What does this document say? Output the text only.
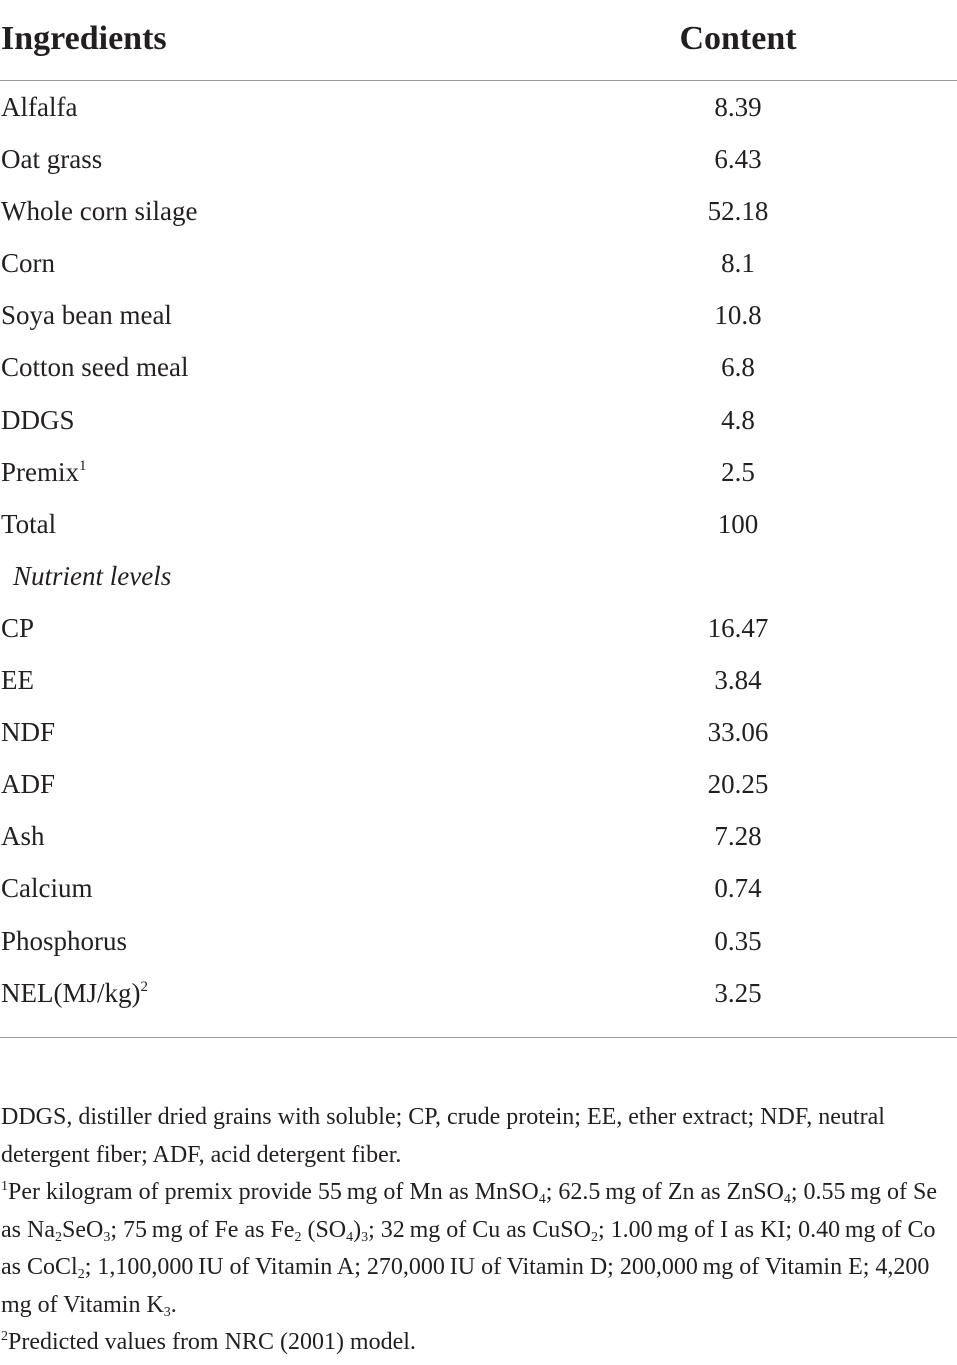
Ingredients	Content
Alfalfa	8.39
Oat grass	6.43
Whole corn silage	52.18
Corn	8.1
Soya bean meal	10.8
Cotton seed meal	6.8
DDGS	4.8
Premix$^1$	2.5
Total	100
Nutrient levels
CP	16.47
EE	3.84
NDF	33.06
ADF	20.25
Ash	7.28
Calcium	0.74
Phosphorus	0.35
NEL(MJ/kg)$^2$	3.25

DDGS, distiller dried grains with soluble; CP, crude protein; EE, ether extract; NDF, neutral detergent fiber; ADF, acid detergent fiber.

$^1$Per kilogram of premix provide 55 mg of Mn as MnSO$_4$; 62.5 mg of Zn as ZnSO$_4$; 0.55 mg of Se as $Na_2SeO_3$; 75 mg of Fe as $Fe_2$ $(SO_4)_3$; 32 mg of Cu as CuSO$_2$; 1.00 mg of I as KI; 0.40 mg of Co as CoCl$_2$; 1,100,000 IU of Vitamin A; 270,000 IU of Vitamin D; 200,000 mg of Vitamin E; 4,200 mg of Vitamin $K_3$.

$^2$Predicted values from NRC (2001) model.
